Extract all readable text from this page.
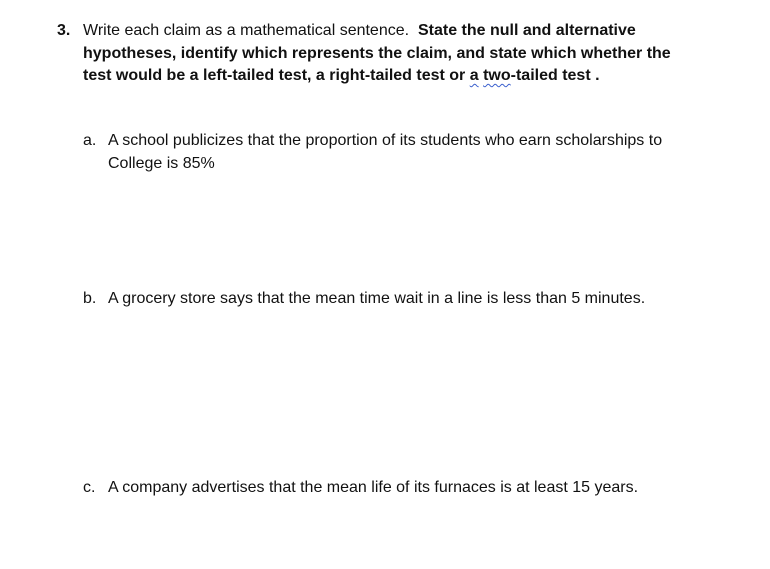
3. Write each claim as a mathematical sentence. State the null and alternative hypotheses, identify which represents the claim, and state which whether the test would be a left-tailed test, a right-tailed test or a two-tailed test .
a. A school publicizes that the proportion of its students who earn scholarships to College is 85%
b. A grocery store says that the mean time wait in a line is less than 5 minutes.
c. A company advertises that the mean life of its furnaces is at least 15 years.
